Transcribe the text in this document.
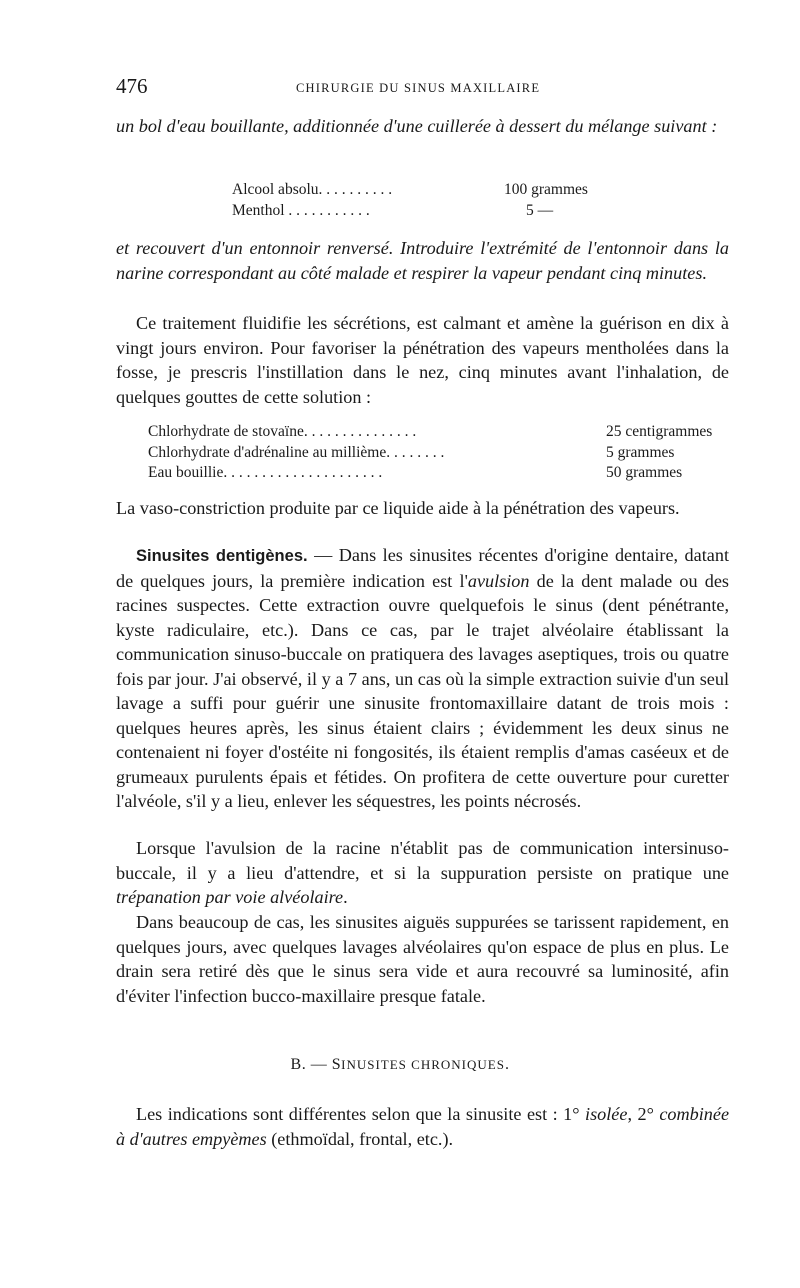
476	CHIRURGIE DU SINUS MAXILLAIRE

un bol d'eau bouillante, additionnée d'une cuillerée à dessert du mélange suivant :

Alcool absolu. . . . . . . . . .	100 grammes
Menthol . . . . . . . . . . .	5 —

et recouvert d'un entonnoir renversé. Introduire l'extrémité de l'entonnoir dans la narine correspondant au côté malade et respirer la vapeur pendant cinq minutes.

Ce traitement fluidifie les sécrétions, est calmant et amène la guérison en dix à vingt jours environ. Pour favoriser la pénétration des vapeurs mentholées dans la fosse, je prescris l'instillation dans le nez, cinq minutes avant l'inhalation, de quelques gouttes de cette solution :

Chlorhydrate de stovaïne. . . . . . . . . . . . . . .	25 centigrammes
Chlorhydrate d'adrénaline au millième. . . . . . . .	5 grammes
Eau bouillie. . . . . . . . . . . . . . . . . . . . .	50 grammes

La vaso-constriction produite par ce liquide aide à la pénétration des vapeurs.

Sinusites dentigènes. — Dans les sinusites récentes d'origine dentaire, datant de quelques jours, la première indication est l'avulsion de la dent malade ou des racines suspectes. Cette extraction ouvre quelquefois le sinus (dent pénétrante, kyste radiculaire, etc.). Dans ce cas, par le trajet alvéolaire établissant la communication sinuso-buccale on pratiquera des lavages aseptiques, trois ou quatre fois par jour. J'ai observé, il y a 7 ans, un cas où la simple extraction suivie d'un seul lavage a suffi pour guérir une sinusite frontomaxillaire datant de trois mois : quelques heures après, les sinus étaient clairs ; évidemment les deux sinus ne contenaient ni foyer d'ostéite ni fongosités, ils étaient remplis d'amas caséeux et de grumeaux purulents épais et fétides. On profitera de cette ouverture pour curetter l'alvéole, s'il y a lieu, enlever les séquestres, les points nécrosés.

Lorsque l'avulsion de la racine n'établit pas de communication intersinuso-buccale, il y a lieu d'attendre, et si la suppuration persiste on pratique une trépanation par voie alvéolaire.

Dans beaucoup de cas, les sinusites aiguës suppurées se tarissent rapidement, en quelques jours, avec quelques lavages alvéolaires qu'on espace de plus en plus. Le drain sera retiré dès que le sinus sera vide et aura recouvré sa luminosité, afin d'éviter l'infection bucco-maxillaire presque fatale.

B. — SINUSITES CHRONIQUES.

Les indications sont différentes selon que la sinusite est : 1° isolée, 2° combinée à d'autres empyèmes (ethmoïdal, frontal, etc.).
